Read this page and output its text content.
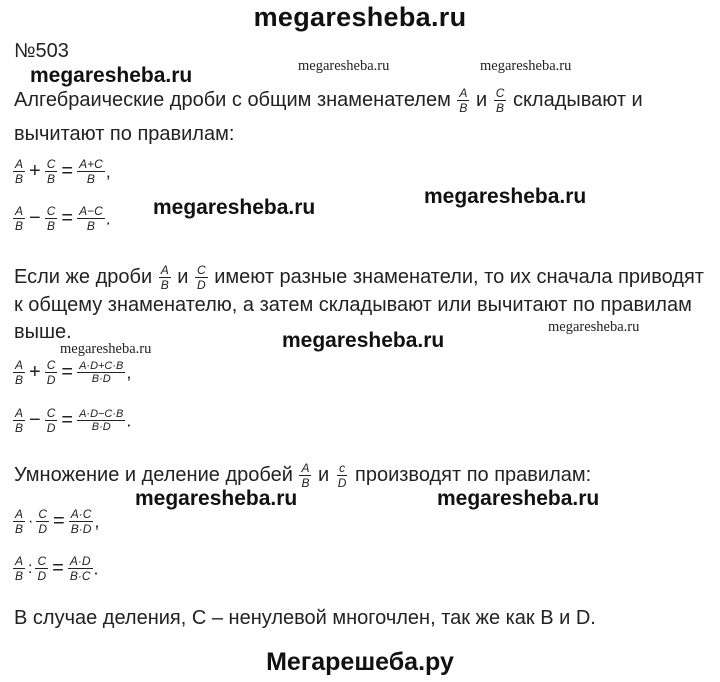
megaresheba.ru
№503
megaresheba.ru	megaresheba.ru	megaresheba.ru
megaresheba.ru
megaresheba.ru
megaresheba.ru
megaresheba.ru
megaresheba.ru
megaresheba.ru	megaresheba.ru
Алгебраические дроби с общим знаменателем $\frac{A}{B}$ и $\frac{C}{B}$ складывают и
вычитают по правилам:
$\frac{A}{B} + \frac{C}{B} = \frac{A+C}{B}$ ,
$\frac{A}{B} - \frac{C}{B} = \frac{A-C}{B}$ .
Если же дроби $\frac{A}{B}$ и $\frac{C}{D}$ имеют разные знаменатели, то их сначала приводят
к общему знаменателю, а затем складывают или вычитают по правилам
выше.
$\frac{A}{B} + \frac{C}{D} = \frac{A\cdot D+C\cdot B}{B\cdot D}$ ,
$\frac{A}{B} - \frac{C}{D} = \frac{A\cdot D-C\cdot B}{B\cdot D}$ .
Умножение и деление дробей $\frac{A}{B}$ и $\frac{c}{D}$ производят по правилам:
$\frac{A}{B} \cdot \frac{C}{D} = \frac{A\cdot C}{B\cdot D}$ ,
$\frac{A}{B}$ : $\frac{C}{D} = \frac{A\cdot D}{B\cdot C}$ .
В случае деления, C – ненулевой многочлен, так же как B и D.
Мегарешеба.ру
